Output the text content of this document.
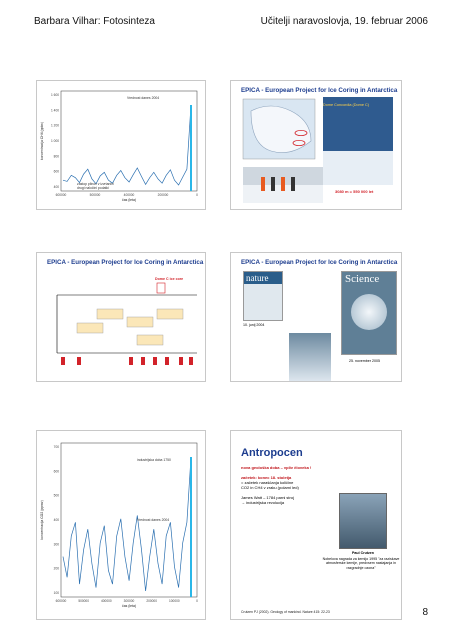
Barbara Vilhar: Fotosinteza	Učitelji naravoslovja, 19. februar 2006
1 600
1 400
1 200
1 000
800
600
400
600000	500000	400000	200000	0
čas (leta)
koncentracija CH4 (ppbv)
Vrednost danes 2004
zastop plinov v izvrtanini
drugi naločini podatki
EPICA - European Project for Ice Coring in Antarctica
Dome Concordia (Dome C)
3080 m = 550 000 let
EPICA - European Project for Ice Coring in Antarctica
Dome C ice core
EPICA - European Project for Ice Coring in Antarctica
nature
10. junij 2004
Science
25. november 2005
700
600
500
400
300
200
100
600000	500000	400000	300000	200000	100000	0
čas (leta)
koncentracija CO2 (ppmv)
industrijska doba 1750
Vrednost danes 2004
Antropocen
nova geološka doba – vpliv človeka !
začetek: konec 18. stoletja
= začetek naraščanja količine
CO2 in CH4 v zraku (polarni led)
James Watt – 1784 parni stroj
→ industrijska revolucija
Paul Crutzen
Nobelova nagrada za kemijo 1995 "za raziskave atmosferske kemije, predvsem nastajanja in razgradnje ozona"
Crutzen PJ (2002). Geology of mankind. Nature 415: 22-23	8
